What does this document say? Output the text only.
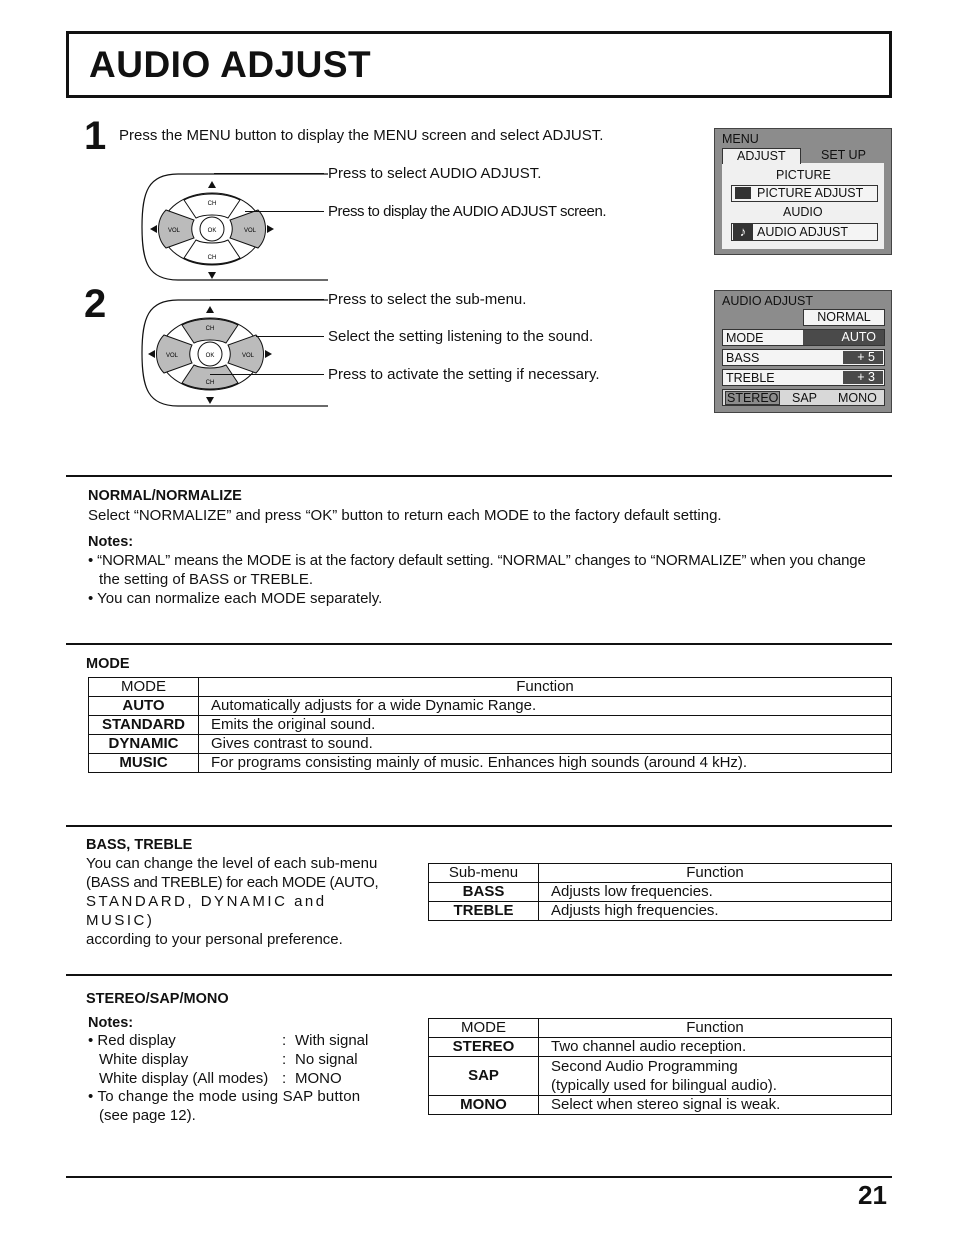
AUDIO ADJUST
1 Press the MENU button to display the MENU screen and select ADJUST.
CH
CH
VOL	VOL
OK
Press to select AUDIO ADJUST.
Press to display the AUDIO ADJUST screen.
MENU
ADJUST	SET UP
PICTURE
PICTURE ADJUST
AUDIO
♪ AUDIO ADJUST
2
CH
CH
VOL	VOL
OK
Press to select the sub-menu.
Select the setting listening to the sound.
Press to activate the setting if necessary.
AUDIO ADJUST
NORMAL
MODE	AUTO
BASS	+ 5
TREBLE	+ 3
STEREO SAP MONO
NORMAL/NORMALIZE
Select “NORMALIZE” and press “OK” button to return each MODE to the factory default setting.
Notes:
• “NORMAL” means the MODE is at the factory default setting. “NORMAL” changes to “NORMALIZE” when you change
the setting of BASS or TREBLE.
• You can normalize each MODE separately.
MODE
MODE	Function
AUTO	Automatically adjusts for a wide Dynamic Range.
STANDARD	Emits the original sound.
DYNAMIC	Gives contrast to sound.
MUSIC	For programs consisting mainly of music. Enhances high sounds (around 4 kHz).
BASS, TREBLE
You can change the level of each sub-menu
(BASS and TREBLE) for each MODE (AUTO,
STANDARD, DYNAMIC and MUSIC)
according to your personal preference.
Sub-menu	Function
BASS	Adjusts low frequencies.
TREBLE	Adjusts high frequencies.
STEREO/SAP/MONO
Notes:
• Red display	: With signal
White display	: No signal
White display (All modes) : MONO
• To change the mode using SAP button
(see page 12).
MODE	Function
STEREO	Two channel audio reception.
SAP	Second Audio Programming
(typically used for bilingual audio).

MONO	Select when stereo signal is weak.
21
